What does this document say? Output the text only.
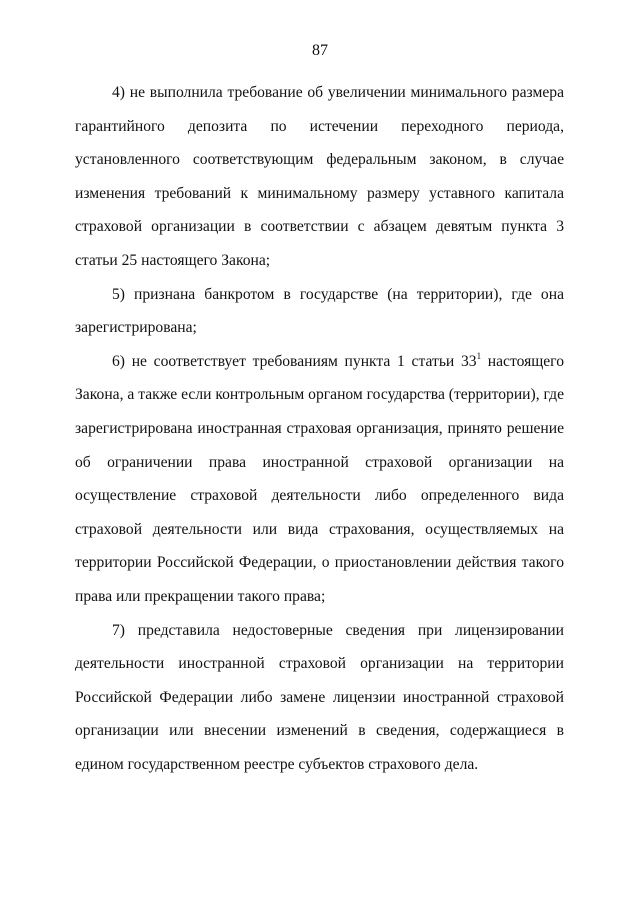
87

4) не выполнила требование об увеличении минимального размера гарантийного депозита по истечении переходного периода, установленного соответствующим федеральным законом, в случае изменения требований к минимальному размеру уставного капитала страховой организации в соответствии с абзацем девятым пункта 3 статьи 25 настоящего Закона;

5) признана банкротом в государстве (на территории), где она зарегистрирована;

6) не соответствует требованиям пункта 1 статьи $33^1$ настоящего Закона, а также если контрольным органом государства (территории), где зарегистрирована иностранная страховая организация, принято решение об ограничении права иностранной страховой организации на осуществление страховой деятельности либо определенного вида страховой деятельности или вида страхования, осуществляемых на территории Российской Федерации, о приостановлении действия такого права или прекращении такого права;

7) представила недостоверные сведения при лицензировании деятельности иностранной страховой организации на территории Российской Федерации либо замене лицензии иностранной страховой организации или внесении изменений в сведения, содержащиеся в едином государственном реестре субъектов страхового дела.
